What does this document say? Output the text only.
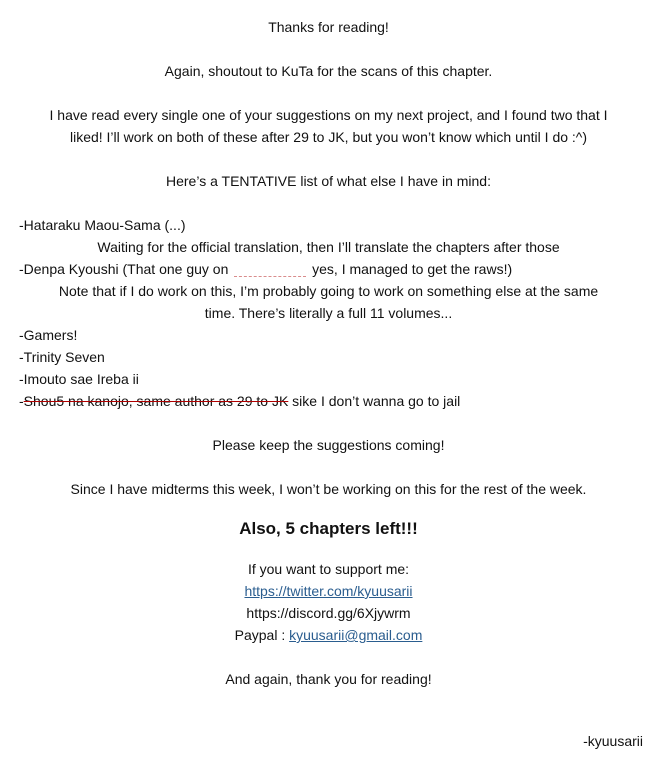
Thanks for reading!
Again, shoutout to KuTa for the scans of this chapter.
I have read every single one of your suggestions on my next project, and I found two that I
liked! I’ll work on both of these after 29 to JK, but you won’t know which until I do :^)
Here’s a TENTATIVE list of what else I have in mind:
-Hataraku Maou-Sama (...)
Waiting for the official translation, then I’ll translate the chapters after those
-Denpa Kyoushi (That one guy on	yes, I managed to get the raws!)
Note that if I do work on this, I’m probably going to work on something else at the same
time. There’s literally a full 11 volumes...
-Gamers!
-Trinity Seven
-Imouto sae Ireba ii
-Shou5 na kanojo, same author as 29 to JK sike I don’t wanna go to jail
Please keep the suggestions coming!
Since I have midterms this week, I won’t be working on this for the rest of the week.
Also, 5 chapters left!!!
If you want to support me:
https://twitter.com/kyuusarii
https://discord.gg/6Xjywrm
Paypal : kyuusarii@gmail.com
And again, thank you for reading!
-kyuusarii
